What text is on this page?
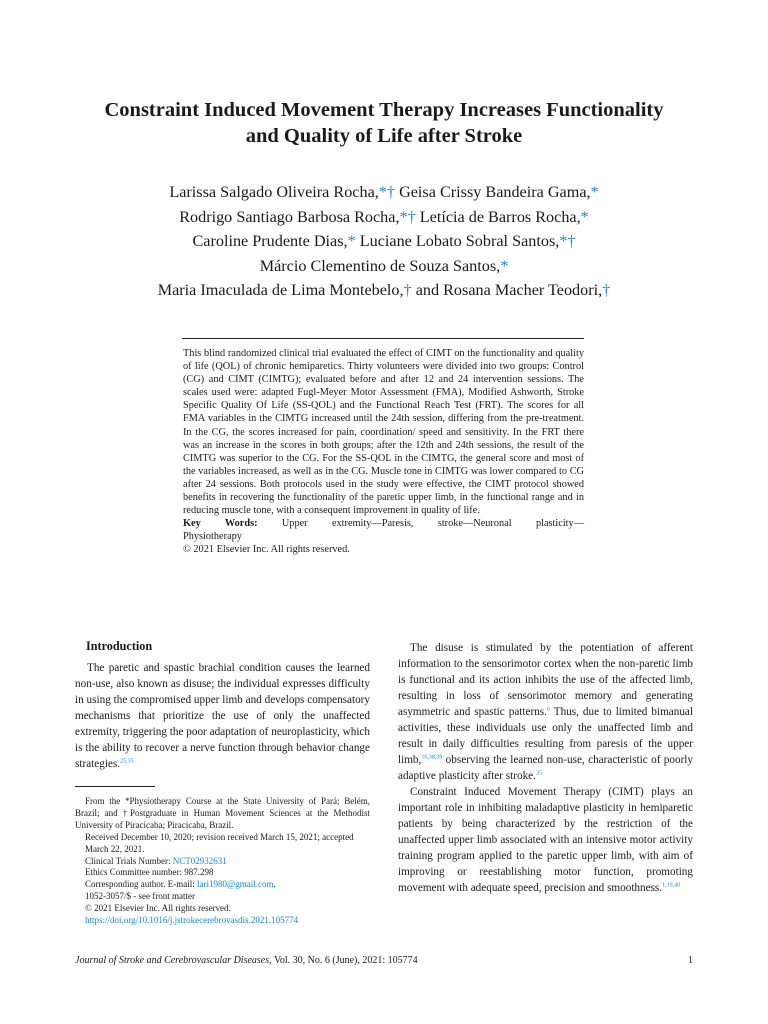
Constraint Induced Movement Therapy Increases Functionality
and Quality of Life after Stroke
Larissa Salgado Oliveira Rocha,*† Geisa Crissy Bandeira Gama,*
Rodrigo Santiago Barbosa Rocha,*† Letícia de Barros Rocha,*
Caroline Prudente Dias,* Luciane Lobato Sobral Santos,*†
Márcio Clementino de Souza Santos,*
Maria Imaculada de Lima Montebelo,† and Rosana Macher Teodori,†

This blind randomized clinical trial evaluated the effect of CIMT on the functionality and quality of life (QOL) of chronic hemiparetics. Thirty volunteers were divided into two groups: Control (CG) and CIMT (CIMTG); evaluated before and after 12 and 24 intervention sessions. The scales used were: adapted Fugl-Meyer Motor Assessment (FMA), Modified Ashworth, Stroke Specific Quality Of Life (SS-QOL) and the Functional Reach Test (FRT). The scores for all FMA variables in the CIMTG increased until the 24th session, differing from the pre-treatment. In the CG, the scores increased for pain, coordination/ speed and sensitivity. In the FRT there was an increase in the scores in both groups; after the 12th and 24th sessions, the result of the CIMTG was superior to the CG. For the SS-QOL in the CIMTG, the general score and most of the variables increased, as well as in the CG. Muscle tone in CIMTG was lower compared to CG after 24 sessions. Both protocols used in the study were effective, the CIMT protocol showed benefits in recovering the functionality of the paretic upper limb, in the functional range and in reducing muscle tone, with a consequent improvement in quality of life.

Key Words: Upper extremity—Paresis, stroke—Neuronal plasticity—

Physiotherapy

© 2021 Elsevier Inc. All rights reserved.

Introduction

The paretic and spastic brachial condition causes the learned non-use, also known as disuse; the individual expresses difficulty in using the compromised upper limb and develops compensatory mechanisms that prioritize the use of only the unaffected extremity, triggering the poor adaptation of neuroplasticity, which is the ability to recover a nerve function through behavior change strategies.$^{25,35}$

From the *Physiotherapy Course at the State University of Pará; Belém, Brazil; and †Postgraduate in Human Movement Sciences at the Methodist University of Piracicaba; Piracicaba, Brazil.

Received December 10, 2020; revision received March 15, 2021; accepted March 22, 2021.

Clinical Trials Number: NCT02932631

Ethics Committee number: 987.298

Corresponding author. E-mail: lari1980@gmail.com.

1052-3057/$ - see front matter

© 2021 Elsevier Inc. All rights reserved.

https://doi.org/10.1016/j.jstrokecerebrovasdis.2021.105774

The disuse is stimulated by the potentiation of afferent information to the sensorimotor cortex when the non-paretic limb is functional and its action inhibits the use of the affected limb, resulting in loss of sensorimotor memory and generating asymmetric and spastic patterns.$^6$ Thus, due to limited bimanual activities, these individuals use only the unaffected limb and result in daily difficulties resulting from paresis of the upper limb,$^{16,38,39}$ observing the learned non-use, characteristic of poorly adaptive plasticity after stroke.$^{35}$

Constraint Induced Movement Therapy (CIMT) plays an important role in inhibiting maladaptive plasticity in hemiparetic patients by being characterized by the restriction of the unaffected upper limb associated with an intensive motor activity training program applied to the paretic upper limb, with aim of improving or reestablishing motor function, promoting movement with adequate speed, precision and smoothness.$^{1,19,40}$

Journal of Stroke and Cerebrovascular Diseases, Vol. 30, No. 6 (June), 2021: 105774	1
